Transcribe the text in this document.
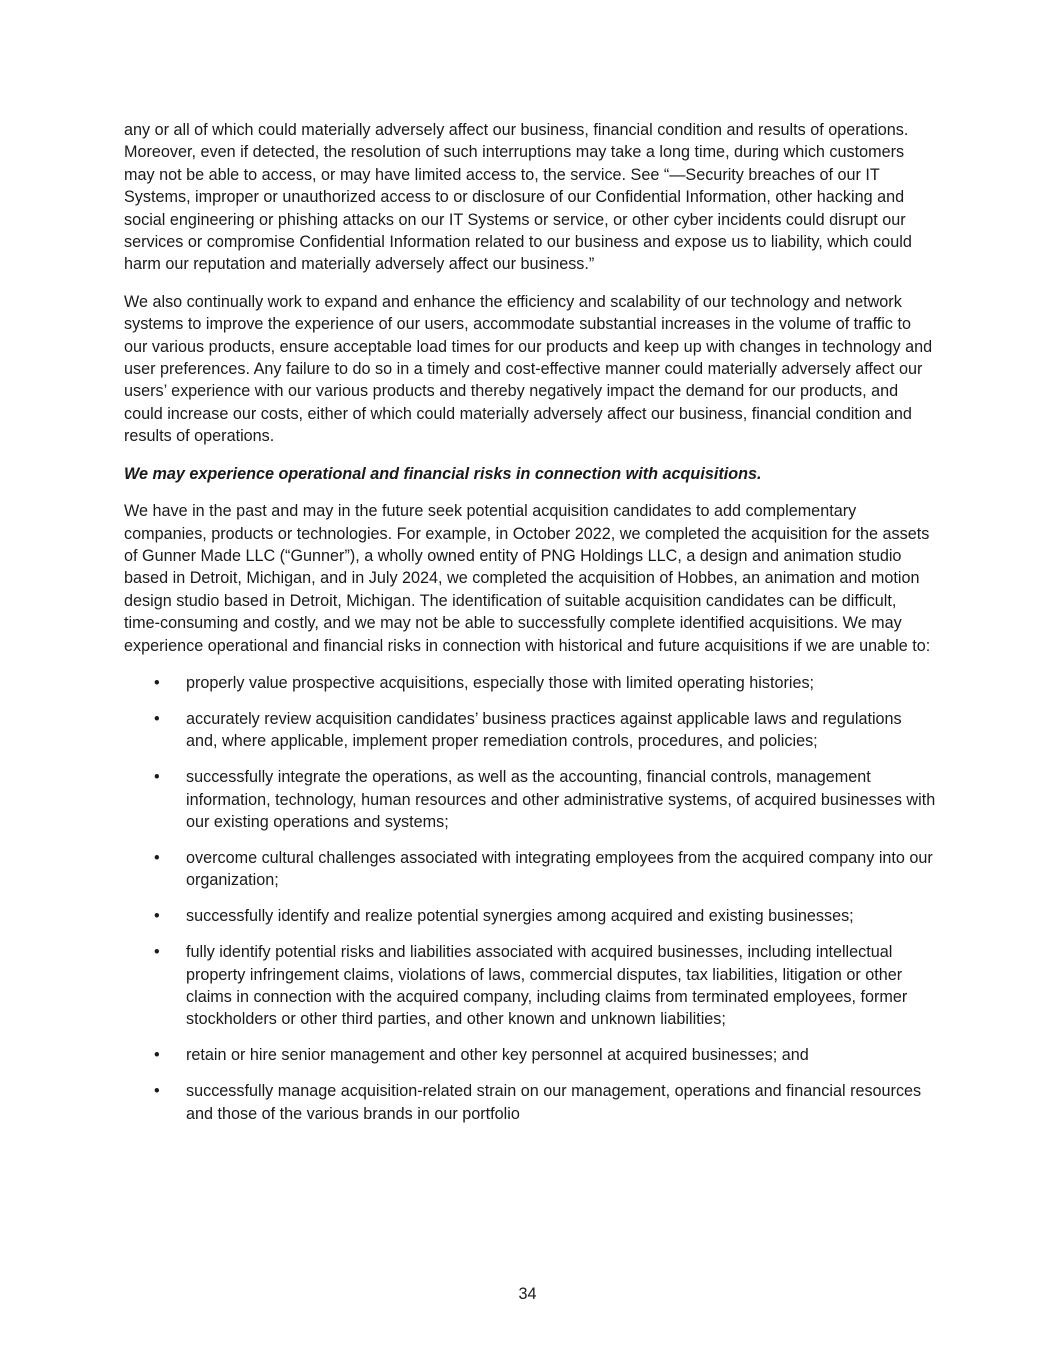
any or all of which could materially adversely affect our business, financial condition and results of operations. Moreover, even if detected, the resolution of such interruptions may take a long time, during which customers may not be able to access, or may have limited access to, the service. See “—Security breaches of our IT Systems, improper or unauthorized access to or disclosure of our Confidential Information, other hacking and social engineering or phishing attacks on our IT Systems or service, or other cyber incidents could disrupt our services or compromise Confidential Information related to our business and expose us to liability, which could harm our reputation and materially adversely affect our business.”

We also continually work to expand and enhance the efficiency and scalability of our technology and network systems to improve the experience of our users, accommodate substantial increases in the volume of traffic to our various products, ensure acceptable load times for our products and keep up with changes in technology and user preferences. Any failure to do so in a timely and cost-effective manner could materially adversely affect our users’ experience with our various products and thereby negatively impact the demand for our products, and could increase our costs, either of which could materially adversely affect our business, financial condition and results of operations.

We may experience operational and financial risks in connection with acquisitions.

We have in the past and may in the future seek potential acquisition candidates to add complementary companies, products or technologies. For example, in October 2022, we completed the acquisition for the assets of Gunner Made LLC (“Gunner”), a wholly owned entity of PNG Holdings LLC, a design and animation studio based in Detroit, Michigan, and in July 2024, we completed the acquisition of Hobbes, an animation and motion design studio based in Detroit, Michigan. The identification of suitable acquisition candidates can be difficult, time-consuming and costly, and we may not be able to successfully complete identified acquisitions. We may experience operational and financial risks in connection with historical and future acquisitions if we are unable to:

• properly value prospective acquisitions, especially those with limited operating histories;
• accurately review acquisition candidates’ business practices against applicable laws and regulations and, where applicable, implement proper remediation controls, procedures, and policies;
• successfully integrate the operations, as well as the accounting, financial controls, management information, technology, human resources and other administrative systems, of acquired businesses with our existing operations and systems;
• overcome cultural challenges associated with integrating employees from the acquired company into our organization;
• successfully identify and realize potential synergies among acquired and existing businesses;
• fully identify potential risks and liabilities associated with acquired businesses, including intellectual property infringement claims, violations of laws, commercial disputes, tax liabilities, litigation or other claims in connection with the acquired company, including claims from terminated employees, former stockholders or other third parties, and other known and unknown liabilities;
• retain or hire senior management and other key personnel at acquired businesses; and
• successfully manage acquisition-related strain on our management, operations and financial resources and those of the various brands in our portfolio
34
